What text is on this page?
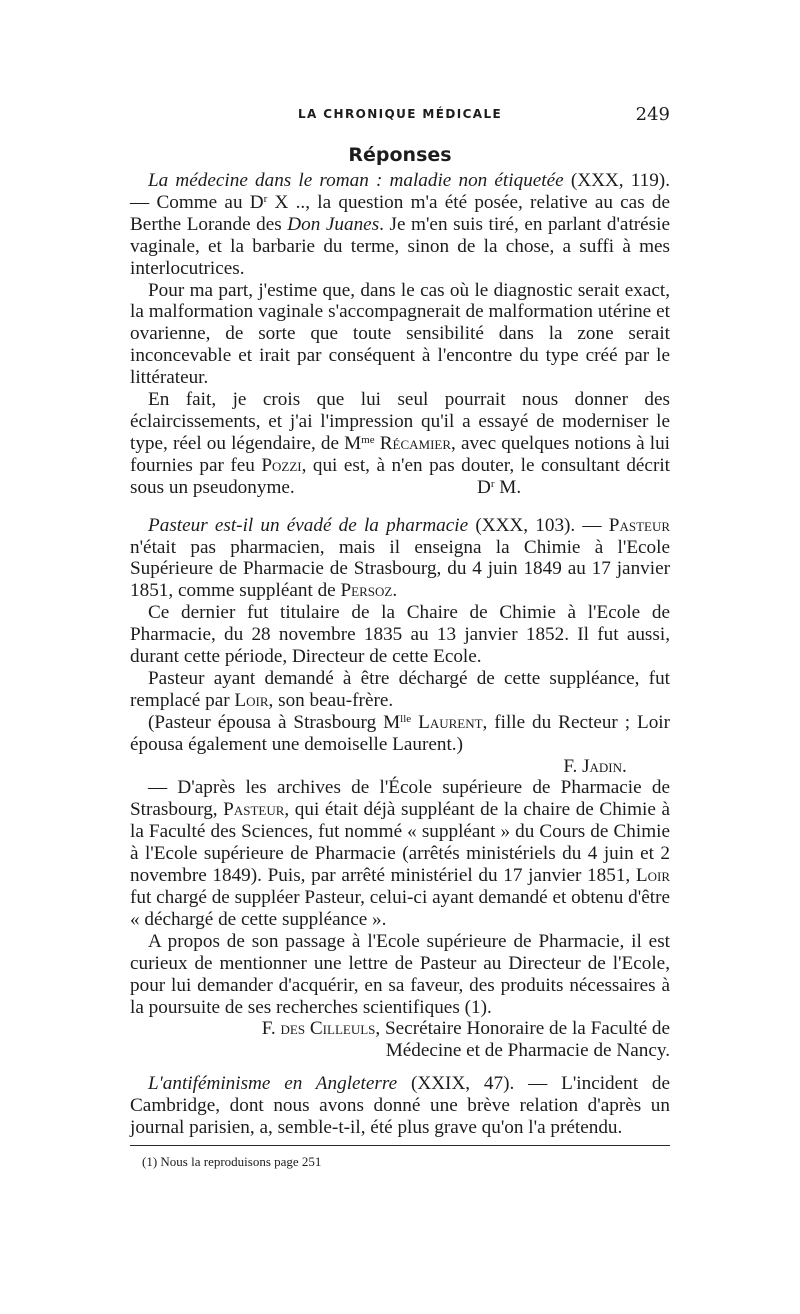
LA CHRONIQUE MÉDICALE	249
Réponses

La médecine dans le roman : maladie non étiquetée (XXX, 119). — Comme au $D^r$ X .., la question m'a été posée, relative au cas de Berthe Lorande des Don Juanes. Je m'en suis tiré, en parlant d'atrésie vaginale, et la barbarie du terme, sinon de la chose, a suffi à mes interlocutrices.

Pour ma part, j'estime que, dans le cas où le diagnostic serait exact, la malformation vaginale s'accompagnerait de malformation utérine et ovarienne, de sorte que toute sensibilité dans la zone serait inconcevable et irait par conséquent à l'encontre du type créé par le littérateur.

En fait, je crois que lui seul pourrait nous donner des éclaircissements, et j'ai l'impression qu'il a essayé de moderniser le type, réel ou légendaire, de $M^{me}$ Récamier, avec quelques notions à lui fournies par feu Pozzi, qui est, à n'en pas douter, le consultant décrit sous un pseudonyme.	$D^r$ M.

Pasteur est-il un évadé de la pharmacie (XXX, 103). — Pasteur n'était pas pharmacien, mais il enseigna la Chimie à l'Ecole Supérieure de Pharmacie de Strasbourg, du 4 juin 1849 au 17 janvier 1851, comme suppléant de Persoz.

Ce dernier fut titulaire de la Chaire de Chimie à l'Ecole de Pharmacie, du 28 novembre 1835 au 13 janvier 1852. Il fut aussi, durant cette période, Directeur de cette Ecole.

Pasteur ayant demandé à être déchargé de cette suppléance, fut remplacé par Loir, son beau-frère.

(Pasteur épousa à Strasbourg $M^{lle}$ Laurent, fille du Recteur ; Loir épousa également une demoiselle Laurent.)

F. Jadin.

— D'après les archives de l'École supérieure de Pharmacie de Strasbourg, Pasteur, qui était déjà suppléant de la chaire de Chimie à la Faculté des Sciences, fut nommé « suppléant » du Cours de Chimie à l'Ecole supérieure de Pharmacie (arrêtés ministériels du 4 juin et 2 novembre 1849). Puis, par arrêté ministériel du 17 janvier 1851, Loir fut chargé de suppléer Pasteur, celui-ci ayant demandé et obtenu d'être « déchargé de cette suppléance ».

A propos de son passage à l'Ecole supérieure de Pharmacie, il est curieux de mentionner une lettre de Pasteur au Directeur de l'Ecole, pour lui demander d'acquérir, en sa faveur, des produits nécessaires à la poursuite de ses recherches scientifiques (1).

F. des Cilleuls, Secrétaire Honoraire de la Faculté de

Médecine et de Pharmacie de Nancy.

L'antiféminisme en Angleterre (XXIX, 47). — L'incident de Cambridge, dont nous avons donné une brève relation d'après un journal parisien, a, semble-t-il, été plus grave qu'on l'a prétendu.

(1) Nous la reproduisons page 251
